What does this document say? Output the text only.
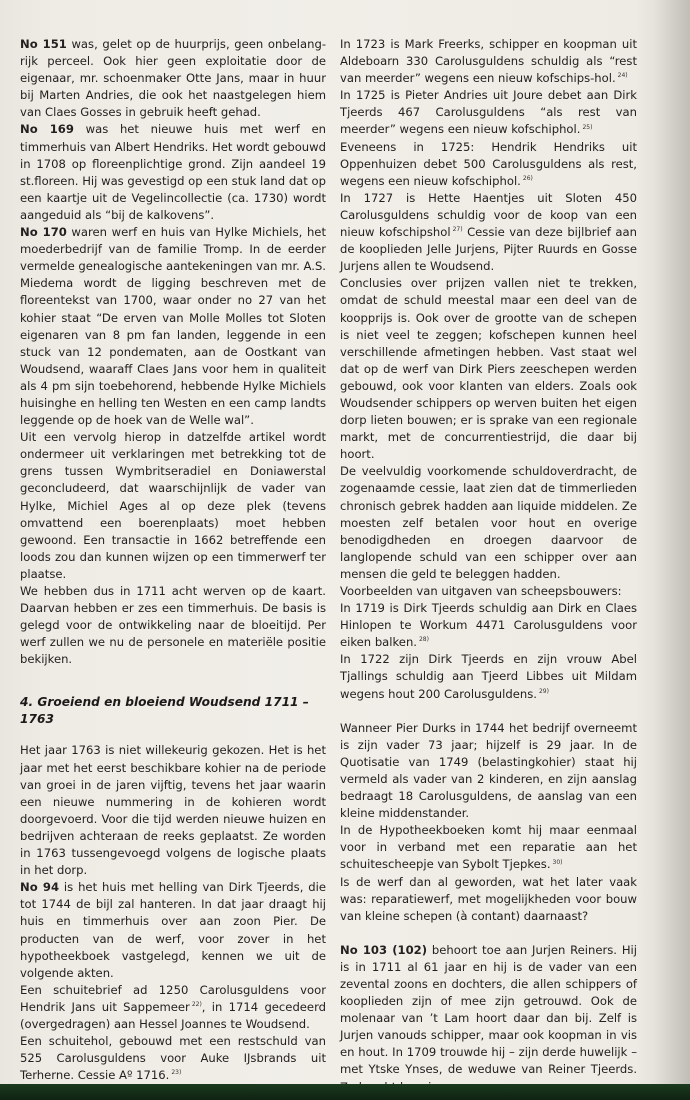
No 151 was, gelet op de huurprijs, geen onbelang-rijk perceel. Ook hier geen exploitatie door de eigenaar, mr. schoenmaker Otte Jans, maar in huur bij Marten Andries, die ook het naastgelegen hiem van Claes Gosses in gebruik heeft gehad.

No 169 was het nieuwe huis met werf en timmerhuis van Albert Hendriks. Het wordt gebouwd in 1708 op floreenplichtige grond. Zijn aandeel 19 st.floreen. Hij was gevestigd op een stuk land dat op een kaartje uit de Vegelincollectie (ca. 1730) wordt aangeduid als “bij de kalkovens”.

No 170 waren werf en huis van Hylke Michiels, het moederbedrijf van de familie Tromp. In de eerder vermelde genealogische aantekeningen van mr. A.S. Miedema wordt de ligging beschreven met de floreentekst van 1700, waar onder no 27 van het kohier staat “De erven van Molle Molles tot Sloten eigenaren van 8 pm fan landen, leggende in een stuck van 12 pondematen, aan de Oostkant van Woudsend, waaraff Claes Jans voor hem in qualiteit als 4 pm sijn toebehorend, hebbende Hylke Michiels huisinghe en helling ten Westen en een camp landts leggende op de hoek van de Welle wal”.

Uit een vervolg hierop in datzelfde artikel wordt ondermeer uit verklaringen met betrekking tot de grens tussen Wymbritseradiel en Doniawerstal geconcludeerd, dat waarschijnlijk de vader van Hylke, Michiel Ages al op deze plek (tevens omvattend een boerenplaats) moet hebben gewoond. Een transactie in 1662 betreffende een loods zou dan kunnen wijzen op een timmerwerf ter plaatse.

We hebben dus in 1711 acht werven op de kaart. Daarvan hebben er zes een timmerhuis. De basis is gelegd voor de ontwikkeling naar de bloeitijd. Per werf zullen we nu de personele en materiële positie bekijken.

4. Groeiend en bloeiend Woudsend 1711 – 1763

Het jaar 1763 is niet willekeurig gekozen. Het is het jaar met het eerst beschikbare kohier na de periode van groei in de jaren vijftig, tevens het jaar waarin een nieuwe nummering in de kohieren wordt doorgevoerd. Voor die tijd werden nieuwe huizen en bedrijven achteraan de reeks geplaatst. Ze worden in 1763 tussengevoegd volgens de logische plaats in het dorp.

No 94 is het huis met helling van Dirk Tjeerds, die tot 1744 de bijl zal hanteren. In dat jaar draagt hij huis en timmerhuis over aan zoon Pier. De producten van de werf, voor zover in het hypotheekboek vastgelegd, kennen we uit de volgende akten.

Een schuitebrief ad 1250 Carolusguldens voor Hendrik Jans uit Sappemeer $^{22)}$, in 1714 gecedeerd (overgedragen) aan Hessel Joannes te Woudsend.

Een schuitehol, gebouwd met een restschuld van 525 Carolusguldens voor Auke IJsbrands uit Terherne. Cessie Aº 1716. $^{23)}$

In 1723 is Mark Freerks, schipper en koopman uit Aldeboarn 330 Carolusguldens schuldig als “rest van meerder” wegens een nieuw kofschips-hol. $^{24)}$

In 1725 is Pieter Andries uit Joure debet aan Dirk Tjeerds 467 Carolusguldens “als rest van meerder” wegens een nieuw kofschiphol. $^{25)}$

Eveneens in 1725: Hendrik Hendriks uit Oppenhuizen debet 500 Carolusguldens als rest, wegens een nieuw kofschiphol. $^{26)}$

In 1727 is Hette Haentjes uit Sloten 450 Carolusguldens schuldig voor de koop van een nieuw kofschipshol $^{27)}$ Cessie van deze bijlbrief aan de kooplieden Jelle Jurjens, Pijter Ruurds en Gosse Jurjens allen te Woudsend.

Conclusies over prijzen vallen niet te trekken, omdat de schuld meestal maar een deel van de koopprijs is. Ook over de grootte van de schepen is niet veel te zeggen; kofschepen kunnen heel verschillende afmetingen hebben. Vast staat wel dat op de werf van Dirk Piers zeeschepen werden gebouwd, ook voor klanten van elders. Zoals ook Woudsender schippers op werven buiten het eigen dorp lieten bouwen; er is sprake van een regionale markt, met de concurrentiestrijd, die daar bij hoort.

De veelvuldig voorkomende schuldoverdracht, de zogenaamde cessie, laat zien dat de timmerlieden chronisch gebrek hadden aan liquide middelen. Ze moesten zelf betalen voor hout en overige benodigdheden en droegen daarvoor de langlopende schuld van een schipper over aan mensen die geld te beleggen hadden.

Voorbeelden van uitgaven van scheepsbouwers:

In 1719 is Dirk Tjeerds schuldig aan Dirk en Claes Hinlopen te Workum 4471 Carolusguldens voor eiken balken. $^{28)}$

In 1722 zijn Dirk Tjeerds en zijn vrouw Abel Tjallings schuldig aan Tjeerd Libbes uit Mildam wegens hout 200 Carolusguldens. $^{29)}$

Wanneer Pier Durks in 1744 het bedrijf overneemt is zijn vader 73 jaar; hijzelf is 29 jaar. In de Quotisatie van 1749 (belastingkohier) staat hij vermeld als vader van 2 kinderen, en zijn aanslag bedraagt 18 Carolusguldens, de aanslag van een kleine middenstander.

In de Hypotheekboeken komt hij maar eenmaal voor in verband met een reparatie aan het schuitescheepje van Sybolt Tjepkes. $^{30)}$

Is de werf dan al geworden, wat het later vaak was: reparatiewerf, met mogelijkheden voor bouw van kleine schepen (à contant) daarnaast?

No 103 (102) behoort toe aan Jurjen Reiners. Hij is in 1711 al 61 jaar en hij is de vader van een zevental zoons en dochters, die allen schippers of kooplieden zijn of mee zijn getrouwd. Ook de molenaar van ’t Lam hoort daar dan bij. Zelf is Jurjen vanouds schipper, maar ook koopman in vis en hout. In 1709 trouwde hij – zijn derde huwelijk – met Ytske Ynses, de weduwe van Reiner Tjeerds.
